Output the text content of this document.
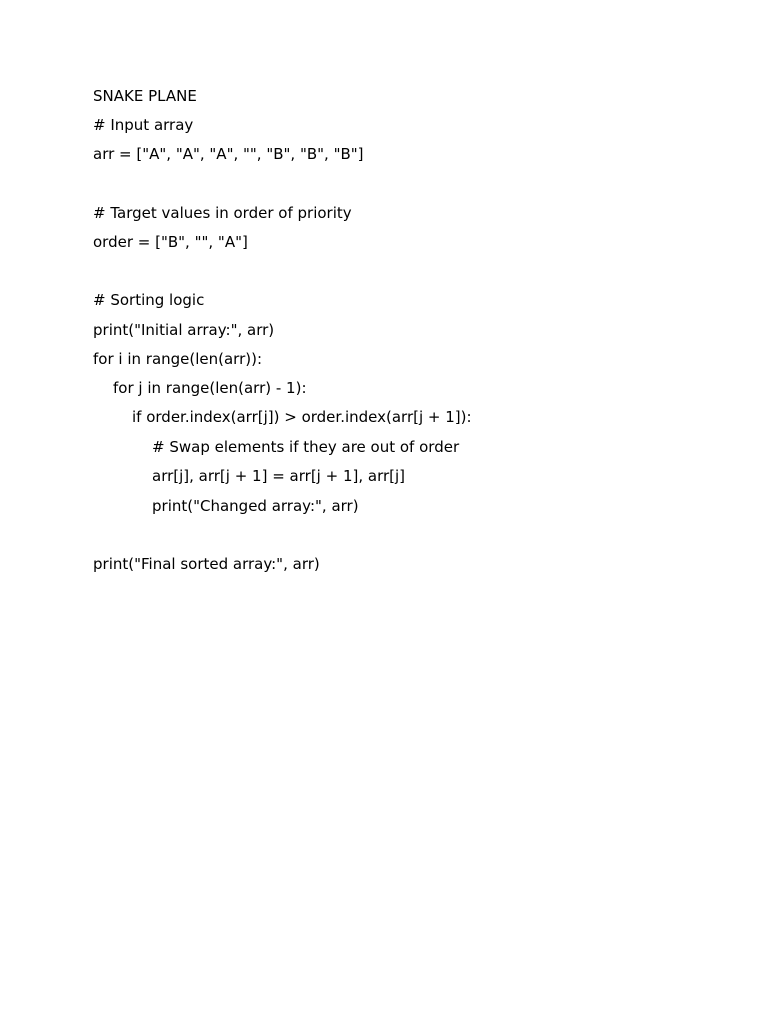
SNAKE PLANE

# Input array

arr = ["A", "A", "A", "", "B", "B", "B"]

# Target values in order of priority

order = ["B", "", "A"]

# Sorting logic

print("Initial array:", arr)

for i in range(len(arr)):

for j in range(len(arr) - 1):

if order.index(arr[j]) > order.index(arr[j + 1]):

# Swap elements if they are out of order

arr[j], arr[j + 1] = arr[j + 1], arr[j]

print("Changed array:", arr)

print("Final sorted array:", arr)
